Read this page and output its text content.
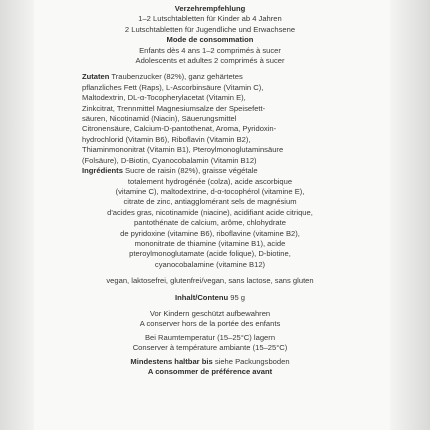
Verzehrempfehlung
1–2 Lutschtabletten für Kinder ab 4 Jahren
2 Lutschtabletten für Jugendliche und Erwachsene
Mode de consommation
Enfants dès 4 ans 1–2 comprimés à sucer
Adolescents et adultes 2 comprimés à sucer
Zutaten Traubenzucker (82%), ganz gehärtetes
pflanzliches Fett (Raps), L-Ascorbinsäure (Vitamin C),
Maltodextrin, DL-α-Tocopherylacetat (Vitamin E),
Zinkcitrat, Trennmittel Magnesiumsalze der Speisefett-
säuren, Nicotinamid (Niacin), Säuerungsmittel
Citronensäure, Calcium-D-pantothenat, Aroma, Pyridoxin-
hydrochlorid (Vitamin B6), Riboflavin (Vitamin B2),
Thiaminmononitrat (Vitamin B1), Pteroylmonoglutaminsäure
(Folsäure), D-Biotin, Cyanocobalamin (Vitamin B12)
Ingrédients Sucre de raisin (82%), graisse végétale
totalement hydrogénée (colza), acide ascorbique
(vitamine C), maltodextrine, d-α-tocophérol (vitamine E),
citrate de zinc, antiagglomérant sels de magnésium
d'acides gras, nicotinamide (niacine), acidifiant acide citrique,
pantothénate de calcium, arôme, chlohydrate
de pyridoxine (vitamine B6), riboflavine (vitamine B2),
mononitrate de thiamine (vitamine B1), acide
pteroylmonoglutamate (acide folique), D-biotine,
cyanocobalamine (vitamine B12)
vegan, laktosefrei, glutenfrei/vegan, sans lactose, sans gluten
Inhalt/Contenu 95 g
Vor Kindern geschützt aufbewahren
A conserver hors de la portée des enfants
Bei Raumtemperatur (15–25°C) lagern
Conserver à température ambiante (15–25°C)
Mindestens haltbar bis siehe Packungsboden
A consommer de préférence avant
